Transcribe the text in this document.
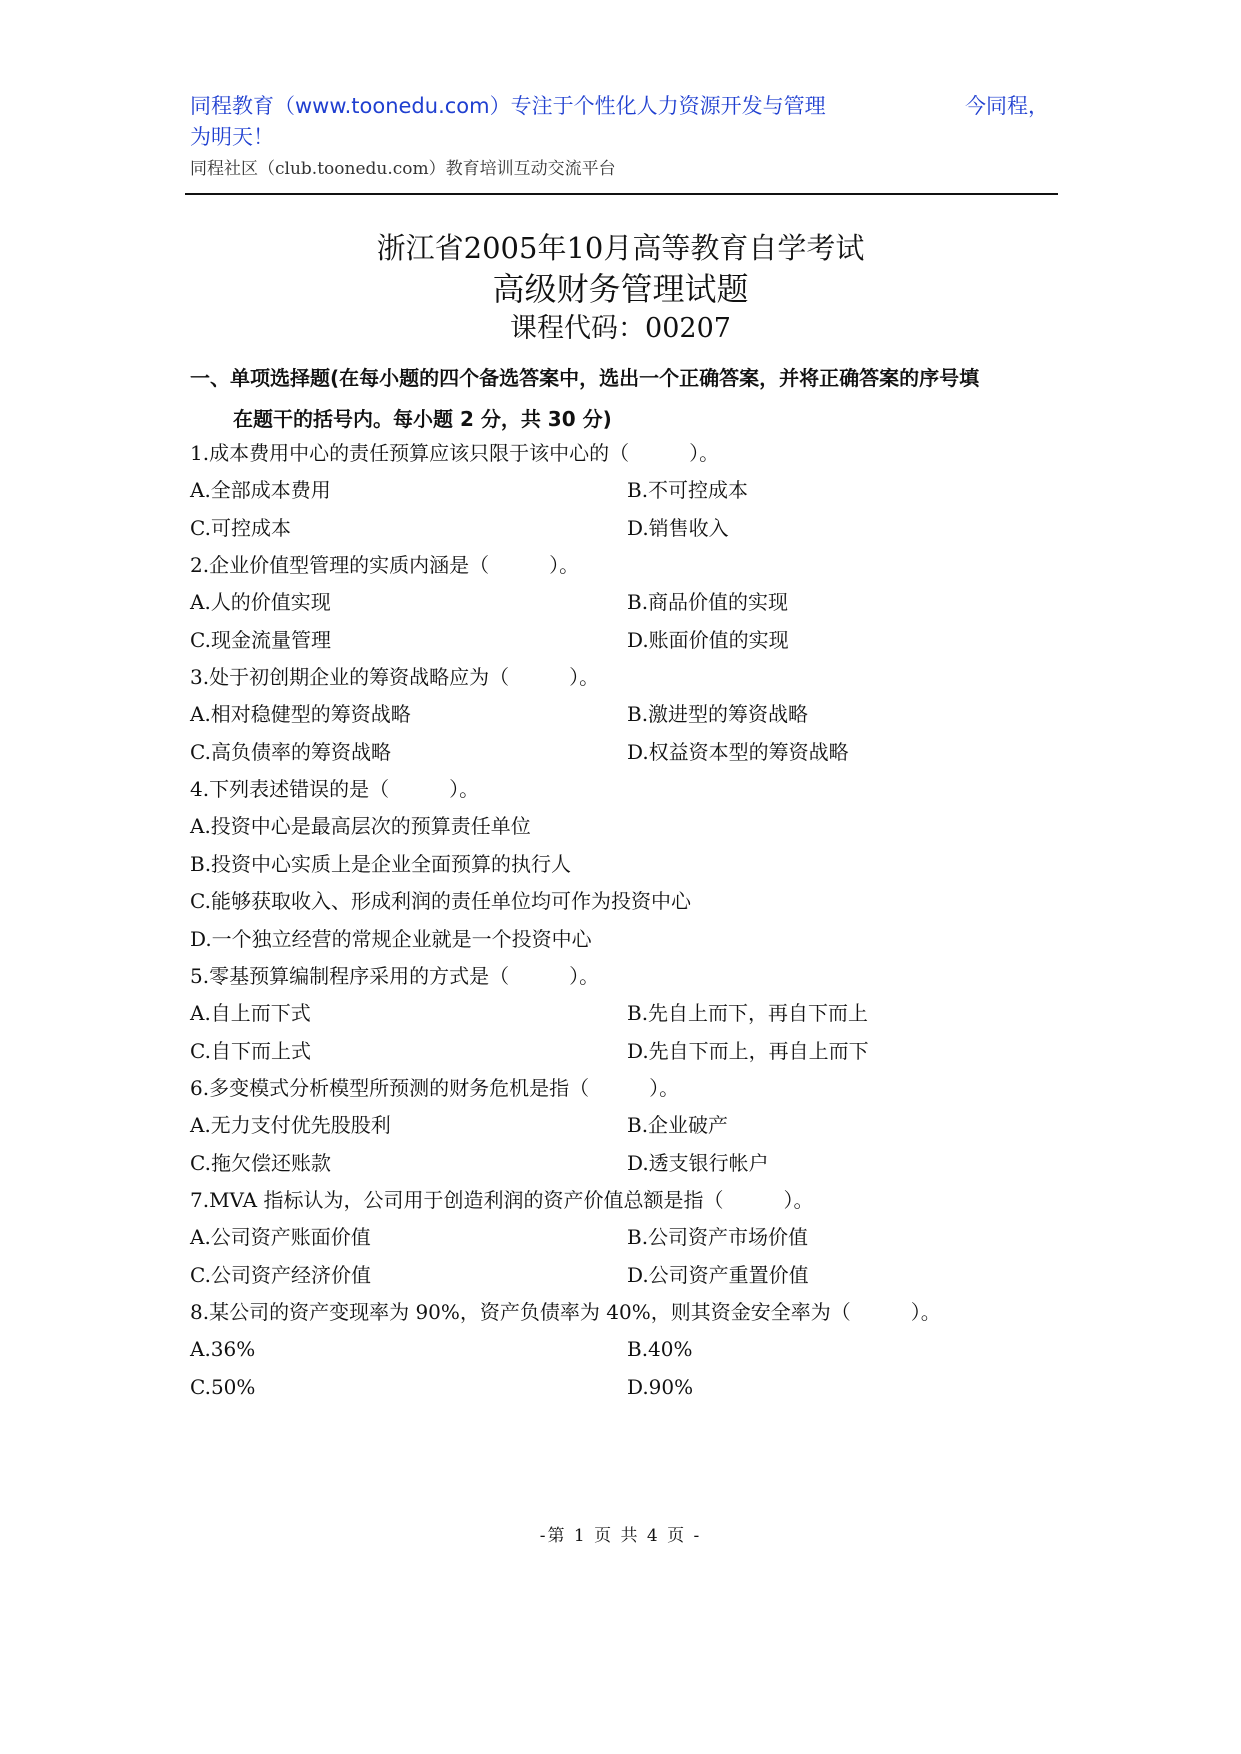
同程教育（www.toonedu.com）专注于个性化人力资源开发与管理	今同程，
为明天！
同程社区（club.toonedu.com）教育培训互动交流平台
浙江省2005年10月高等教育自学考试
高级财务管理试题
课程代码：00207
一、单项选择题(在每小题的四个备选答案中，选出一个正确答案，并将正确答案的序号填
在题干的括号内。每小题 2 分，共 30 分)
1.成本费用中心的责任预算应该只限于该中心的（　　　）。
A.全部成本费用	B.不可控成本
C.可控成本	D.销售收入
2.企业价值型管理的实质内涵是（　　　）。
A.人的价值实现	B.商品价值的实现
C.现金流量管理	D.账面价值的实现
3.处于初创期企业的筹资战略应为（　　　）。
A.相对稳健型的筹资战略	B.激进型的筹资战略
C.高负债率的筹资战略	D.权益资本型的筹资战略
4.下列表述错误的是（　　　）。
A.投资中心是最高层次的预算责任单位
B.投资中心实质上是企业全面预算的执行人
C.能够获取收入、形成利润的责任单位均可作为投资中心
D.一个独立经营的常规企业就是一个投资中心
5.零基预算编制程序采用的方式是（　　　）。
A.自上而下式	B.先自上而下，再自下而上
C.自下而上式	D.先自下而上，再自上而下
6.多变模式分析模型所预测的财务危机是指（　　　）。
A.无力支付优先股股利	B.企业破产
C.拖欠偿还账款	D.透支银行帐户
7.MVA 指标认为，公司用于创造利润的资产价值总额是指（　　　）。
A.公司资产账面价值	B.公司资产市场价值
C.公司资产经济价值	D.公司资产重置价值
8.某公司的资产变现率为 90%，资产负债率为 40%，则其资金安全率为（　　　）。
A.36%	B.40%
C.50%	D.90%
-第 1 页 共 4 页 -
